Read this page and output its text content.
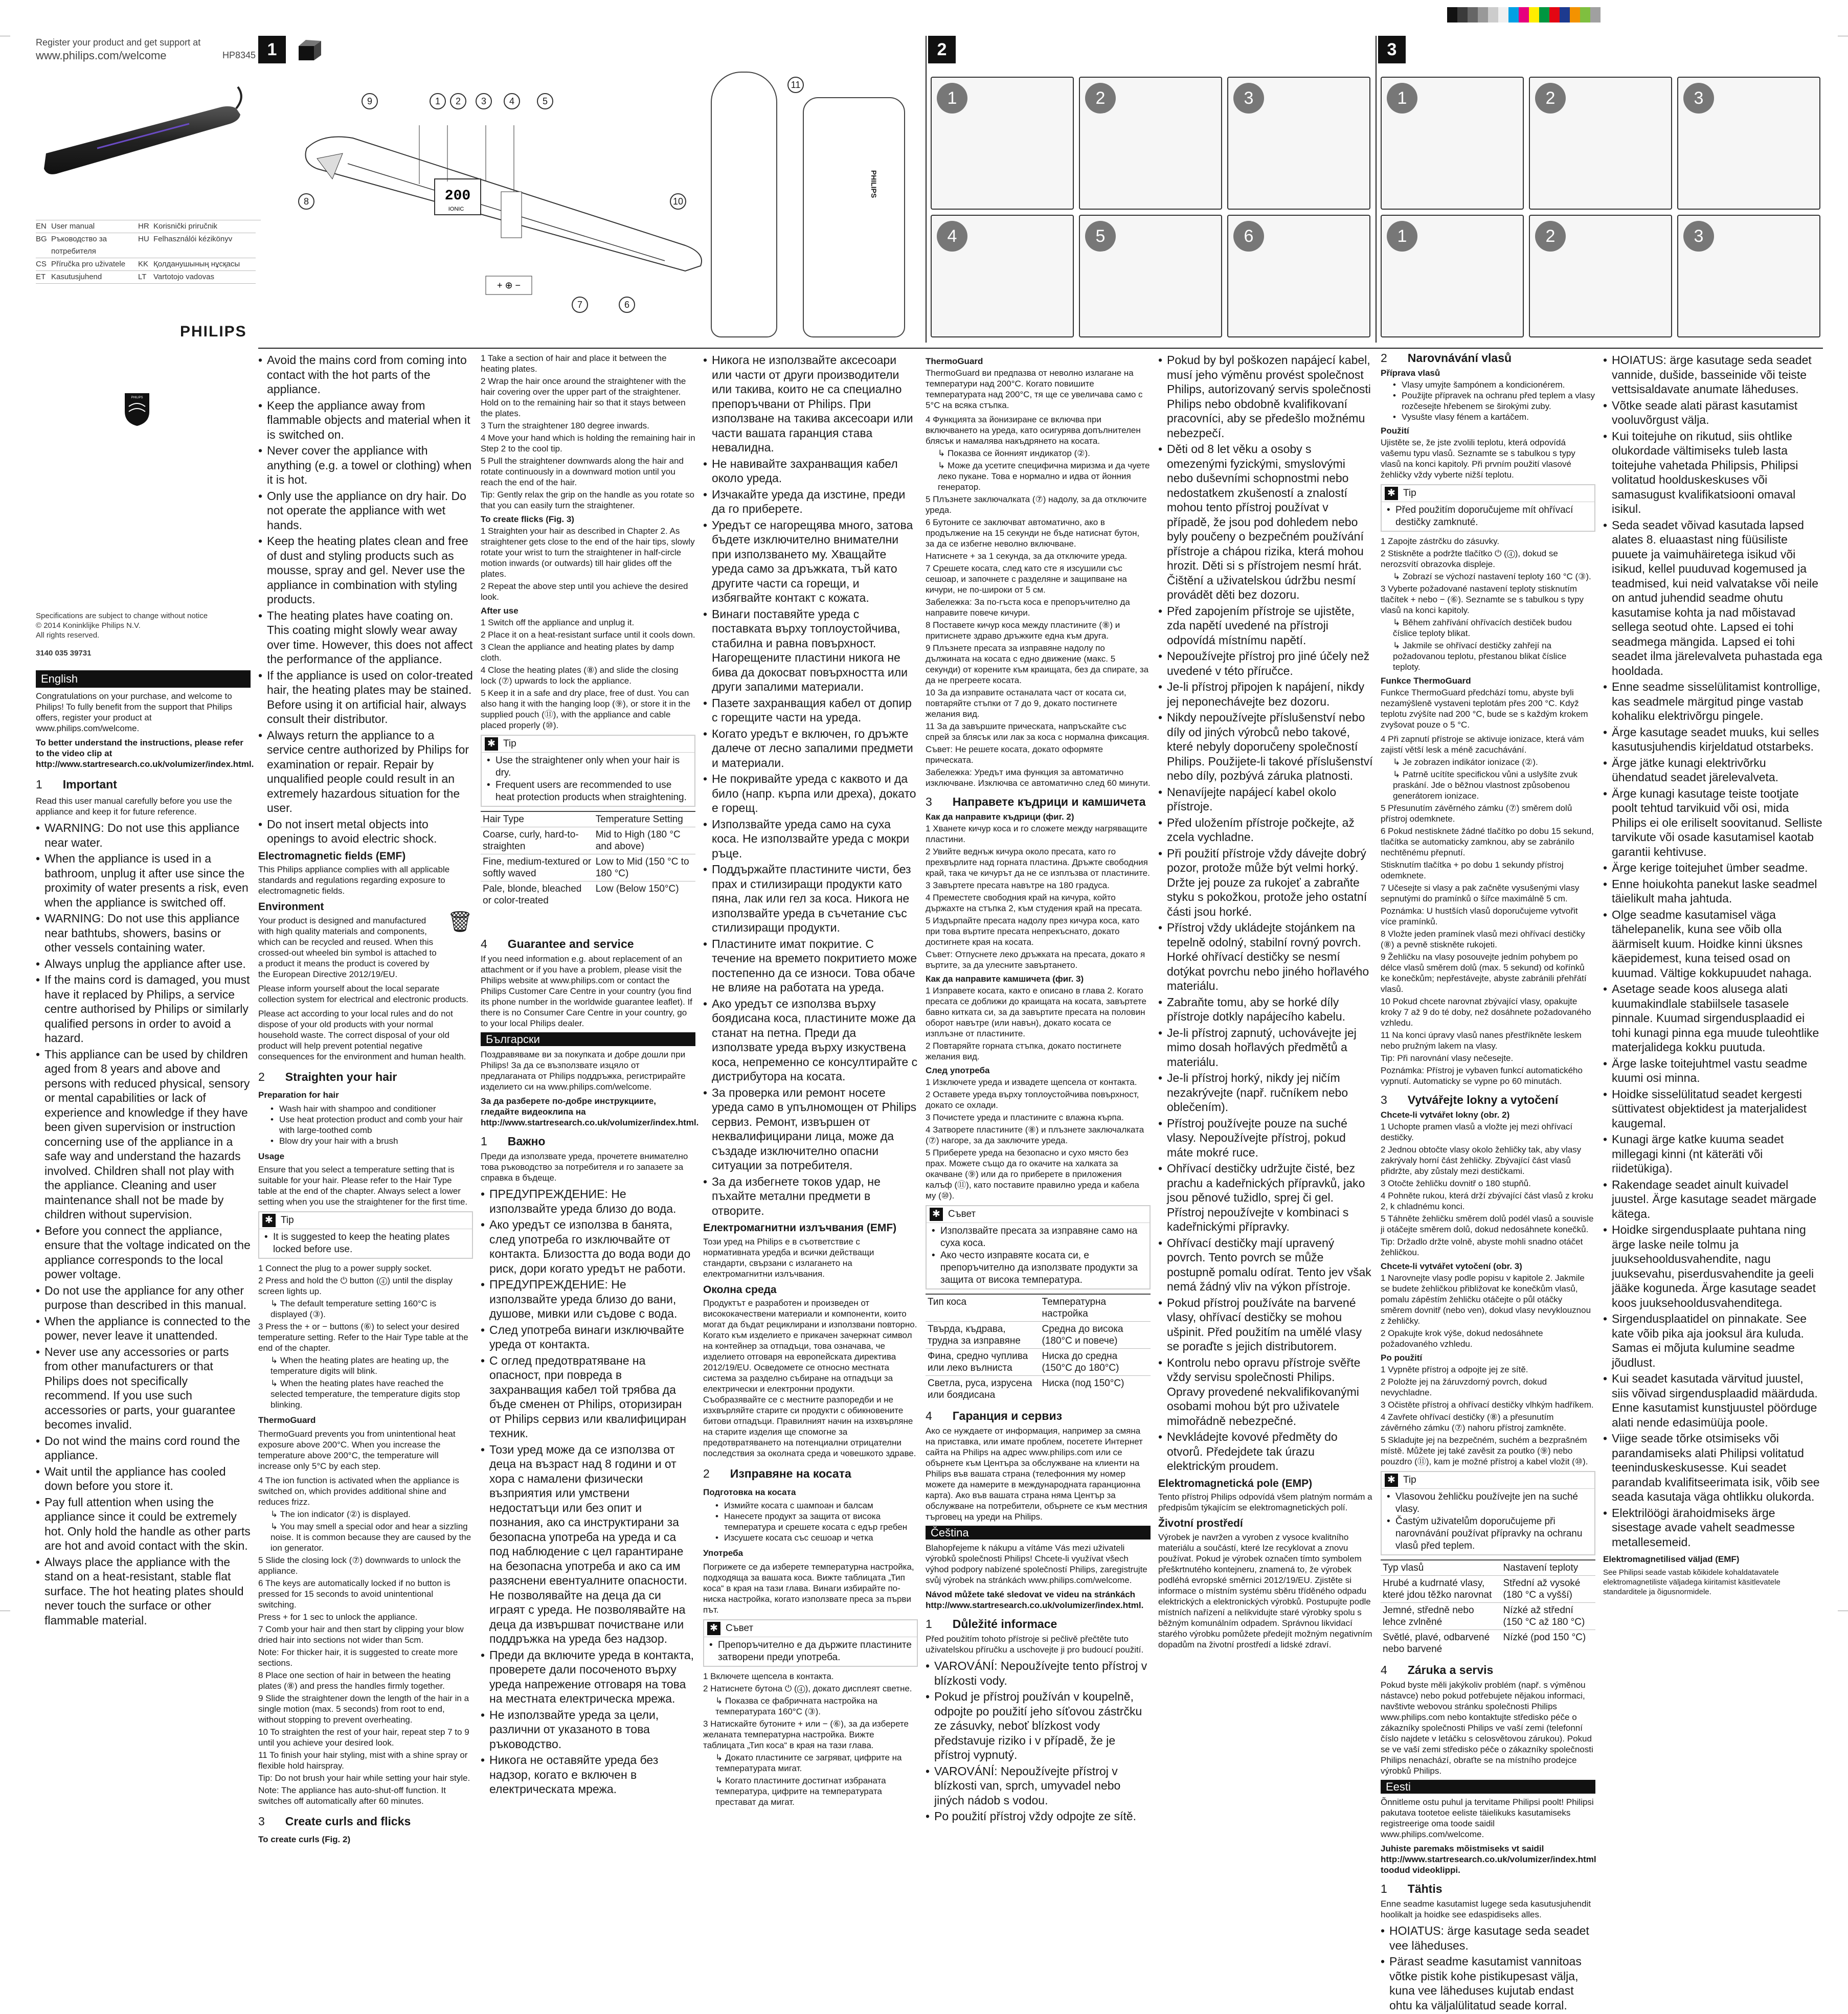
Register your product and get support at
www.philips.com/welcome	HP8345
EN User manual	HR Korisnički priručnik
BG Ръководство за потребителя
HU Felhasználói kézikönyv
CS Příručka pro uživatele	KK Қолданушының нұсқасы
ET Kasutusjuhend	LT Vartotojo vadovas
PHILIPS
PHILIPS
Specifications are subject to change without notice
© 2014 Koninklijke Philips N.V.
All rights reserved.
3140 035 39731
1
200
IONIC
+ ⊕ −
9	1	2	3	4	5
8
7	6
10
11
PHILIPS
2
1	2	3
4	5	6
3
1	2	3
1	2	3
English

Congratulations on your purchase, and welcome to Philips! To fully benefit from the support that Philips offers, register your product at www.philips.com/welcome.

To better understand the instructions, please refer to the video clip at http://www.startresearch.co.uk/volumizer/index.html.

1 Important

Read this user manual carefully before you use the appliance and keep it for future reference.

• WARNING: Do not use this appliance near water.
• When the appliance is used in a bathroom, unplug it after use since the proximity of water presents a risk, even when the appliance is switched off.
• WARNING: Do not use this appliance near bathtubs, showers, basins or other vessels containing water.
• Always unplug the appliance after use.
• If the mains cord is damaged, you must have it replaced by Philips, a service centre authorised by Philips or similarly qualified persons in order to avoid a hazard.
• This appliance can be used by children aged from 8 years and above and persons with reduced physical, sensory or mental capabilities or lack of experience and knowledge if they have been given supervision or instruction concerning use of the appliance in a safe way and understand the hazards involved. Children shall not play with the appliance. Cleaning and user maintenance shall not be made by children without supervision.
• Before you connect the appliance, ensure that the voltage indicated on the appliance corresponds to the local power voltage.
• Do not use the appliance for any other purpose than described in this manual.
• When the appliance is connected to the power, never leave it unattended.
• Never use any accessories or parts from other manufacturers or that Philips does not specifically recommend. If you use such accessories or parts, your guarantee becomes invalid.
• Do not wind the mains cord round the appliance.
• Wait until the appliance has cooled down before you store it.
• Pay full attention when using the appliance since it could be extremely hot. Only hold the handle as other parts are hot and avoid contact with the skin.
• Always place the appliance with the stand on a heat-resistant, stable flat surface. The hot heating plates should never touch the surface or other flammable material.
• Avoid the mains cord from coming into contact with the hot parts of the appliance.
• Keep the appliance away from flammable objects and material when it is switched on.
• Never cover the appliance with anything (e.g. a towel or clothing) when it is hot.
• Only use the appliance on dry hair. Do not operate the appliance with wet hands.
• Keep the heating plates clean and free of dust and styling products such as mousse, spray and gel. Never use the appliance in combination with styling products.
• The heating plates have coating on. This coating might slowly wear away over time. However, this does not affect the performance of the appliance.
• If the appliance is used on color-treated hair, the heating plates may be stained. Before using it on artificial hair, always consult their distributor.
• Always return the appliance to a service centre authorized by Philips for examination or repair. Repair by unqualified people could result in an extremely hazardous situation for the user.
• Do not insert metal objects into openings to avoid electric shock.
Electromagnetic fields (EMF)

This Philips appliance complies with all applicable standards and regulations regarding exposure to electromagnetic fields.

Environment

Your product is designed and manufactured with high quality materials and components, which can be recycled and reused. When this crossed-out wheeled bin symbol is attached to a product it means the product is covered by the European Directive 2012/19/EU.

🗑

Please inform yourself about the local separate collection system for electrical and electronic products.

Please act according to your local rules and do not dispose of your old products with your normal household waste. The correct disposal of your old product will help prevent potential negative consequences for the environment and human health.

2 Straighten your hair
Preparation for hair
• Wash hair with shampoo and conditioner
• Use heat protection product and comb your hair with large-toothed comb
• Blow dry your hair with a brush
Usage

Ensure that you select a temperature setting that is suitable for your hair. Please refer to the Hair Type table at the end of the chapter. Always select a lower setting when you use the straightener for the first time.

✱ Tip
• It is suggested to keep the heating plates locked before use.
1 Connect the plug to a power supply socket.
2 Press and hold the ⏻ button (④) until the display screen lights up.
↳ The default temperature setting 160°C is displayed (③).
3 Press the + or − buttons (⑥) to select your desired temperature setting. Refer to the Hair Type table at the end of the chapter.
↳ When the heating plates are heating up, the temperature digits will blink.
↳ When the heating plates have reached the selected temperature, the temperature digits stop blinking.
ThermoGuard

ThermoGuard prevents you from unintentional heat exposure above 200°C. When you increase the temperature above 200°C, the temperature will increase only 5°C by each step.

4 The ion function is activated when the appliance is switched on, which provides additional shine and reduces frizz.
↳ The ion indicator (②) is displayed.
↳ You may smell a special odor and hear a sizzling noise. It is common because they are caused by the ion generator.
5 Slide the closing lock (⑦) downwards to unlock the appliance.
6 The keys are automatically locked if no button is pressed for 15 seconds to avoid unintentional switching.
Press + for 1 sec to unlock the appliance.
7 Comb your hair and then start by clipping your blow dried hair into sections not wider than 5cm.
Note: For thicker hair, it is suggested to create more sections.
8 Place one section of hair in between the heating plates (⑧) and press the handles firmly together.
9 Slide the straightener down the length of the hair in a single motion (max. 5 seconds) from root to end, without stopping to prevent overheating.
10 To straighten the rest of your hair, repeat step 7 to 9 until you achieve your desired look.
11 To finish your hair styling, mist with a shine spray or flexible hold hairspray.
Tip: Do not brush your hair while setting your hair style.
Note: The appliance has auto-shut-off function. It switches off automatically after 60 minutes.
3 Create curls and flicks
To create curls (Fig. 2)
1 Take a section of hair and place it between the heating plates.
2 Wrap the hair once around the straightener with the hair covering over the upper part of the straightener. Hold on to the remaining hair so that it stays between the plates.
3 Turn the straightener 180 degree inwards.
4 Move your hand which is holding the remaining hair in Step 2 to the cool tip.
5 Pull the straightener downwards along the hair and rotate continuously in a downward motion until you reach the end of the hair.
Tip: Gently relax the grip on the handle as you rotate so that you can easily turn the straightener.
To create flicks (Fig. 3)
1 Straighten your hair as described in Chapter 2. As straightener gets close to the end of the hair tips, slowly rotate your wrist to turn the straightener in half-circle motion inwards (or outwards) till hair glides off the plates.
2 Repeat the above step until you achieve the desired look.
After use
1 Switch off the appliance and unplug it.
2 Place it on a heat-resistant surface until it cools down.
3 Clean the appliance and heating plates by damp cloth.
4 Close the heating plates (⑧) and slide the closing lock (⑦) upwards to lock the appliance.
5 Keep it in a safe and dry place, free of dust. You can also hang it with the hanging loop (⑨), or store it in the supplied pouch (⑪), with the appliance and cable placed properly (⑩).
✱ Tip
• Use the straightener only when your hair is dry.
• Frequent users are recommended to use heat protection products when straightening.
Hair Type	Temperature Setting
Coarse, curly, hard-to-straighten	Mid to High (180 °C and above)
Fine, medium-textured or softly waved	Low to Mid (150 °C to 180 °C)
Pale, blonde, bleached or color-treated	Low (Below 150°C)
4 Guarantee and service

If you need information e.g. about replacement of an attachment or if you have a problem, please visit the Philips website at www.philips.com or contact the Philips Customer Care Centre in your country (you find its phone number in the worldwide guarantee leaflet). If there is no Consumer Care Centre in your country, go to your local Philips dealer.

Български

Поздравяваме ви за покупката и добре дошли при Philips! За да се възползвате изцяло от предлаганата от Philips поддръжка, регистрирайте изделието си на www.philips.com/welcome.

За да разберете по-добре инструкциите, гледайте видеоклипа на http://www.startresearch.co.uk/volumizer/index.html.

1 Важно

Преди да използвате уреда, прочетете внимателно това ръководство за потребителя и го запазете за справка в бъдеще.

• ПРЕДУПРЕЖДЕНИЕ: Не използвайте уреда близо до вода.
• Ако уредът се използва в банята, след употреба го изключвайте от контакта. Близостта до вода води до риск, дори когато уредът не работи.
• ПРЕДУПРЕЖДЕНИЕ: Не използвайте уреда близо до вани, душове, мивки или съдове с вода.
• След употреба винаги изключвайте уреда от контакта.
• С оглед предотвратяване на опасност, при повреда в захранващия кабел той трябва да бъде сменен от Philips, оторизиран от Philips сервиз или квалифициран техник.
• Този уред може да се използва от деца на възраст над 8 години и от хора с намалени физически възприятия или умствени недостатъци или без опит и познания, ако са инструктирани за безопасна употреба на уреда и са под наблюдение с цел гарантиране на безопасна употреба и ако са им разяснени евентуалните опасности. Не позволявайте на деца да си играят с уреда. Не позволявайте на деца да извършват почистване или поддръжка на уреда без надзор.
• Преди да включите уреда в контакта, проверете дали посоченото върху уреда напрежение отговаря на това на местната електрическа мрежа.
• Не използвайте уреда за цели, различни от указаното в това ръководство.
• Никога не оставяйте уреда без надзор, когато е включен в електрическата мрежа.
• Никога не използвайте аксесоари или части от други производители или такива, които не са специално препоръчвани от Philips. При използване на такива аксесоари или части вашата гаранция става невалидна.
• Не навивайте захранващия кабел около уреда.
• Изчакайте уреда да изстине, преди да го приберете.
• Уредът се нагорещява много, затова бъдете изключително внимателни при използването му. Хващайте уреда само за дръжката, тъй като другите части са горещи, и избягвайте контакт с кожата.
• Винаги поставяйте уреда с поставката върху топлоустойчива, стабилна и равна повърхност. Нагорещените пластини никога не бива да докосват повърхността или други запалими материали.
• Пазете захранващия кабел от допир с горещите части на уреда.
• Когато уредът е включен, го дръжте далече от лесно запалими предмети и материали.
• Не покривайте уреда с каквото и да било (напр. кърпа или дреха), докато е горещ.
• Използвайте уреда само на суха коса. Не използвайте уреда с мокри ръце.
• Поддържайте пластините чисти, без прах и стилизиращи продукти като пяна, лак или гел за коса. Никога не използвайте уреда в съчетание със стилизиращи продукти.
• Пластините имат покритие. С течение на времето покритието може постепенно да се износи. Това обаче не влияе на работата на уреда.
• Ако уредът се използва върху боядисана коса, пластините може да станат на петна. Преди да използвате уреда върху изкуствена коса, непременно се консултирайте с дистрибутора на косата.
• За проверка или ремонт носете уреда само в упълномощен от Philips сервиз. Ремонт, извършен от неквалифицирани лица, може да създаде изключително опасни ситуации за потребителя.
• За да избегнете токов удар, не пъхайте метални предмети в отворите.
Електромагнитни излъчвания (EMF)

Този уред на Philips е в съответствие с нормативната уредба и всички действащи стандарти, свързани с излагането на електромагнитни излъчвания.

Околна среда

Продуктът е разработен и произведен от висококачествени материали и компоненти, които могат да бъдат рециклирани и използвани повторно. Когато към изделието е прикачен зачеркнат символ на контейнер за отпадъци, това означава, че изделието отговаря на европейската директива 2012/19/EU. Осведомете се относно местната система за разделно събиране на отпадъци за електрически и електронни продукти. Съобразявайте се с местните разпоредби и не изхвърляйте старите си продукти с обикновените битови отпадъци. Правилният начин на изхвърляне на старите изделия ще спомогне за предотвратяването на потенциални отрицателни последствия за околната среда и човешкото здраве.

2 Изправяне на косата
Подготовка на косата
• Измийте косата с шампоан и балсам
• Нанесете продукт за защита от висока температура и срешете косата с едър гребен
• Изсушете косата със сешоар и четка
Употреба

Погрижете се да изберете температурна настройка, подходяща за вашата коса. Вижте таблицата „Тип коса“ в края на тази глава. Винаги избирайте по-ниска настройка, когато използвате преса за първи път.

✱ Съвет
• Препоръчително е да държите пластините затворени преди употреба.
1 Включете щепсела в контакта.
2 Натиснете бутона ⏻ (④), докато дисплеят светне.
↳ Показва се фабричната настройка на температурата 160°C (③).
3 Натискайте бутоните + или − (⑥), за да изберете желаната температурна настройка. Вижте таблицата „Тип коса“ в края на тази глава.
↳ Докато пластините се загряват, цифрите на температурата мигат.
↳ Когато пластините достигнат избраната температура, цифрите на температурата престават да мигат.
ThermoGuard

ThermoGuard ви предпазва от неволно излагане на температури над 200°C. Когато повишите температурата над 200°C, тя ще се увеличава само с 5°C на всяка стъпка.

4 Функцията за йонизиране се включва при включването на уреда, като осигурява допълнителен блясък и намалява накъдрянето на косата.
↳ Показва се йонният индикатор (②).
↳ Може да усетите специфична миризма и да чуете леко пукане. Това е нормално и идва от йонния генератор.
5 Плъзнете заключалката (⑦) надолу, за да отключите уреда.
6 Бутоните се заключват автоматично, ако в продължение на 15 секунди не бъде натиснат бутон, за да се избегне неволно включване.
Натиснете + за 1 секунда, за да отключите уреда.
7 Срешете косата, след като сте я изсушили със сешоар, и започнете с разделяне и защипване на кичури, не по-широки от 5 см.
Забележка: За по-гъста коса е препоръчително да направите повече кичури.
8 Поставете кичур коса между пластините (⑧) и притиснете здраво дръжките една към друга.
9 Плъзнете пресата за изправяне надолу по дължината на косата с едно движение (макс. 5 секунди) от корените към краищата, без да спирате, за да не прегреете косата.
10 За да изправите останалата част от косата си, повтаряйте стъпки от 7 до 9, докато постигнете желания вид.
11 За да завършите прическата, напръскайте със спрей за блясък или лак за коса с нормална фиксация.
Съвет: Не решете косата, докато оформяте прическата.
Забележка: Уредът има функция за автоматично изключване. Изключва се автоматично след 60 минути.
3 Направете къдрици и камшичета
Как да направите къдрици (фиг. 2)
1 Хванете кичур коса и го сложете между нагряващите пластини.
2 Увийте веднъж кичура около пресата, като го прехвърлите над горната пластина. Дръжте свободния край, така че кичурът да не се изплъзва от пластините.
3 Завъртете пресата навътре на 180 градуса.
4 Преместете свободния край на кичура, който държахте на стъпка 2, към студения край на пресата.
5 Издърпайте пресата надолу през кичура коса, като при това въртите пресата непрекъснато, докато достигнете края на косата.
Съвет: Отпуснете леко дръжката на пресата, докато я въртите, за да улесните завъртането.
Как да направите камшичета (фиг. 3)
1 Изправете косата, както е описано в глава 2. Когато пресата се доближи до краищата на косата, завъртете бавно китката си, за да завъртите пресата на половин оборот навътре (или навън), докато косата се изплъзне от пластините.
2 Повтаряйте горната стъпка, докато постигнете желания вид.
След употреба
1 Изключете уреда и извадете щепсела от контакта.
2 Оставете уреда върху топлоустойчива повърхност, докато се охлади.
3 Почистете уреда и пластините с влажна кърпа.
4 Затворете пластините (⑧) и плъзнете заключалката (⑦) нагоре, за да заключите уреда.
5 Приберете уреда на безопасно и сухо място без прах. Можете също да го окачите на халката за окачване (⑨) или да го приберете в приложения калъф (⑪), като поставите правилно уреда и кабела му (⑩).
✱ Съвет
• Използвайте пресата за изправяне само на суха коса.
• Ако често изправяте косата си, е препоръчително да използвате продукти за защита от висока температура.
Тип коса	Температурна настройка
Твърда, къдрава, трудна за изправяне	Средна до висока (180°C и повече)
Фина, средно чуплива или леко вълниста	Ниска до средна (150°C до 180°C)
Светла, руса, изрусена или боядисана	Ниска (под 150°C)
4 Гаранция и сервиз

Ако се нуждаете от информация, например за смяна на приставка, или имате проблем, посетете Интернет сайта на Philips на адрес www.philips.com или се обърнете към Центъра за обслужване на клиенти на Philips във вашата страна (телефонния му номер можете да намерите в международната гаранционна карта). Ако във вашата страна няма Център за обслужване на потребители, обърнете се към местния търговец на уреди на Philips.

Čeština

Blahopřejeme k nákupu a vítáme Vás mezi uživateli výrobků společnosti Philips! Chcete-li využívat všech výhod podpory nabízené společností Philips, zaregistrujte svůj výrobek na stránkách www.philips.com/welcome.

Návod můžete také sledovat ve videu na stránkách http://www.startresearch.co.uk/volumizer/index.html.

1 Důležité informace

Před použitím tohoto přístroje si pečlivě přečtěte tuto uživatelskou příručku a uschovejte ji pro budoucí použití.

• VAROVÁNÍ: Nepoužívejte tento přístroj v blízkosti vody.
• Pokud je přístroj používán v koupelně, odpojte po použití jeho síťovou zástrčku ze zásuvky, neboť blízkost vody představuje riziko i v případě, že je přístroj vypnutý.
• VAROVÁNÍ: Nepoužívejte přístroj v blízkosti van, sprch, umyvadel nebo jiných nádob s vodou.
• Po použití přístroj vždy odpojte ze sítě.
• Pokud by byl poškozen napájecí kabel, musí jeho výměnu provést společnost Philips, autorizovaný servis společnosti Philips nebo obdobně kvalifikovaní pracovníci, aby se předešlo možnému nebezpečí.
• Děti od 8 let věku a osoby s omezenými fyzickými, smyslovými nebo duševními schopnostmi nebo nedostatkem zkušeností a znalostí mohou tento přístroj používat v případě, že jsou pod dohledem nebo byly poučeny o bezpečném používání přístroje a chápou rizika, která mohou hrozit. Děti si s přístrojem nesmí hrát. Čištění a uživatelskou údržbu nesmí provádět děti bez dozoru.
• Před zapojením přístroje se ujistěte, zda napětí uvedené na přístroji odpovídá místnímu napětí.
• Nepoužívejte přístroj pro jiné účely než uvedené v této příručce.
• Je-li přístroj připojen k napájení, nikdy jej neponechávejte bez dozoru.
• Nikdy nepoužívejte příslušenství nebo díly od jiných výrobců nebo takové, které nebyly doporučeny společností Philips. Použijete-li takové příslušenství nebo díly, pozbývá záruka platnosti.
• Nenavíjejte napájecí kabel okolo přístroje.
• Před uložením přístroje počkejte, až zcela vychladne.
• Při použití přístroje vždy dávejte dobrý pozor, protože může být velmi horký. Držte jej pouze za rukojeť a zabraňte styku s pokožkou, protože jeho ostatní části jsou horké.
• Přístroj vždy ukládejte stojánkem na tepelně odolný, stabilní rovný povrch. Horké ohřívací destičky se nesmí dotýkat povrchu nebo jiného hořlavého materiálu.
• Zabraňte tomu, aby se horké díly přístroje dotkly napájecího kabelu.
• Je-li přístroj zapnutý, uchovávejte jej mimo dosah hořlavých předmětů a materiálu.
• Je-li přístroj horký, nikdy jej ničím nezakrývejte (např. ručníkem nebo oblečením).
• Přístroj používejte pouze na suché vlasy. Nepoužívejte přístroj, pokud máte mokré ruce.
• Ohřívací destičky udržujte čisté, bez prachu a kadeřnických přípravků, jako jsou pěnové tužidlo, sprej či gel. Přístroj nepoužívejte v kombinaci s kadeřnickými přípravky.
• Ohřívací destičky mají upravený povrch. Tento povrch se může postupně pomalu odírat. Tento jev však nemá žádný vliv na výkon přístroje.
• Pokud přístroj používáte na barvené vlasy, ohřívací destičky se mohou ušpinit. Před použitím na umělé vlasy se poraďte s jejich distributorem.
• Kontrolu nebo opravu přístroje svěřte vždy servisu společnosti Philips. Opravy provedené nekvalifikovanými osobami mohou být pro uživatele mimořádně nebezpečné.
• Nevkládejte kovové předměty do otvorů. Předejdete tak úrazu elektrickým proudem.
Elektromagnetická pole (EMP)

Tento přístroj Philips odpovídá všem platným normám a předpisům týkajícím se elektromagnetických polí.

Životní prostředí

Výrobek je navržen a vyroben z vysoce kvalitního materiálu a součástí, které lze recyklovat a znovu používat. Pokud je výrobek označen tímto symbolem přeškrtnutého kontejneru, znamená to, že výrobek podléhá evropské směrnici 2012/19/EU. Zjistěte si informace o místním systému sběru tříděného odpadu elektrických a elektronických výrobků. Postupujte podle místních nařízení a nelikvidujte staré výrobky spolu s běžným komunálním odpadem. Správnou likvidací starého výrobku pomůžete předejít možným negativním dopadům na životní prostředí a lidské zdraví.

2 Narovnávání vlasů
Příprava vlasů
• Vlasy umyjte šampónem a kondicionérem.
• Použijte přípravek na ochranu před teplem a vlasy rozčesejte hřebenem se širokými zuby.
• Vysušte vlasy fénem a kartáčem.
Použití

Ujistěte se, že jste zvolili teplotu, která odpovídá vašemu typu vlasů. Seznamte se s tabulkou s typy vlasů na konci kapitoly. Při prvním použití vlasové žehličky vždy vyberte nižší teplotu.

✱ Tip
• Před použitím doporučujeme mít ohřívací destičky zamknuté.
1 Zapojte zástrčku do zásuvky.
2 Stiskněte a podržte tlačítko ⏻ (④), dokud se nerozsvítí obrazovka displeje.
↳ Zobrazí se výchozí nastavení teploty 160 °C (③).
3 Vyberte požadované nastavení teploty stisknutím tlačítek + nebo − (⑥). Seznamte se s tabulkou s typy vlasů na konci kapitoly.
↳ Během zahřívání ohřívacích destiček budou číslice teploty blikat.
↳ Jakmile se ohřívací destičky zahřejí na požadovanou teplotu, přestanou blikat číslice teploty.
Funkce ThermoGuard

Funkce ThermoGuard předchází tomu, abyste byli nezamýšleně vystaveni teplotám přes 200 °C. Když teplotu zvýšíte nad 200 °C, bude se s každým krokem zvyšovat pouze o 5 °C.

4 Při zapnutí přístroje se aktivuje ionizace, která vám zajistí větší lesk a méně zacuchávání.
↳ Je zobrazen indikátor ionizace (②).
↳ Patrně ucítíte specifickou vůni a uslyšíte zvuk praskání. Jde o běžnou vlastnost způsobenou generátorem ionizace.
5 Přesunutím závěrného zámku (⑦) směrem dolů přístroj odemknete.
6 Pokud nestisknete žádné tlačítko po dobu 15 sekund, tlačítka se automaticky zamknou, aby se zabránilo nechtěnému přepnutí.
Stisknutím tlačítka + po dobu 1 sekundy přístroj odemknete.
7 Učesejte si vlasy a pak začněte vysušenými vlasy sepnutými do pramínků o šířce maximálně 5 cm.
Poznámka: U hustších vlasů doporučujeme vytvořit více pramínků.
8 Vložte jeden pramínek vlasů mezi ohřívací destičky (⑧) a pevně stiskněte rukojeti.
9 Žehličku na vlasy posouvejte jedním pohybem po délce vlasů směrem dolů (max. 5 sekund) od kořínků ke konečkům; nepřestávejte, abyste zabránili přehřátí vlasů.
10 Pokud chcete narovnat zbývající vlasy, opakujte kroky 7 až 9 do té doby, než dosáhnete požadovaného vzhledu.
11 Na konci úpravy vlasů nanes přestříkněte leskem nebo pružným lakem na vlasy.
Tip: Při narovnání vlasy nečesejte.
Poznámka: Přístroj je vybaven funkcí automatického vypnutí. Automaticky se vypne po 60 minutách.
3 Vytvářejte lokny a vytočení
Chcete-li vytvářet lokny (obr. 2)
1 Uchopte pramen vlasů a vložte jej mezi ohřívací destičky.
2 Jednou obtočte vlasy okolo žehličky tak, aby vlasy zakrývaly horní část žehličky. Zbývající část vlasů přidržte, aby zůstaly mezi destičkami.
3 Otočte žehličku dovnitř o 180 stupňů.
4 Pohněte rukou, která drží zbývající část vlasů z kroku 2, k chladnému konci.
5 Táhněte žehličku směrem dolů podél vlasů a souvisle ji otáčejte směrem dolů, dokud nedosáhnete konečků.
Tip: Držadlo držte volně, abyste mohli snadno otáčet žehličkou.
Chcete-li vytvářet vytočení (obr. 3)
1 Narovnejte vlasy podle popisu v kapitole 2. Jakmile se budete žehličkou přibližovat ke konečkům vlasů, pomalu zápěstím žehličku otáčejte o půl otáčky směrem dovnitř (nebo ven), dokud vlasy nevyklouznou z žehličky.
2 Opakujte krok výše, dokud nedosáhnete požadovaného vzhledu.
Po použití
1 Vypněte přístroj a odpojte jej ze sítě.
2 Položte jej na žáruvzdorný povrch, dokud nevychladne.
3 Očistěte přístroj a ohřívací destičky vlhkým hadříkem.
4 Zavřete ohřívací destičky (⑧) a přesunutím závěrného zámku (⑦) nahoru přístroj zamkněte.
5 Skladujte jej na bezpečném, suchém a bezprašném místě. Můžete jej také zavěsit za poutko (⑨) nebo pouzdro (⑪), kam je možné přístroj a kabel vložit (⑩).
✱ Tip
• Vlasovou žehličku používejte jen na suché vlasy.
• Častým uživatelům doporučujeme při narovnávání používat přípravky na ochranu vlasů před teplem.
Typ vlasů	Nastavení teploty
Hrubé a kudrnaté vlasy, které jdou těžko narovnat	Střední až vysoké (180 °C a vyšší)
Jemné, středně nebo lehce zvlněné	Nízké až střední (150 °C až 180 °C)
Světlé, plavé, odbarvené nebo barvené	Nízké (pod 150 °C)
4 Záruka a servis

Pokud byste měli jakýkoliv problém (např. s výměnou nástavce) nebo pokud potřebujete nějakou informaci, navštivte webovou stránku společnosti Philips www.philips.com nebo kontaktujte středisko péče o zákazníky společnosti Philips ve vaší zemi (telefonní číslo najdete v letáčku s celosvětovou zárukou). Pokud se ve vaší zemi středisko péče o zákazníky společnosti Philips nenachází, obraťte se na místního prodejce výrobků Philips.

Eesti

Õnnitleme ostu puhul ja tervitame Philipsi poolt! Philipsi pakutava tootetoe eeliste täielikuks kasutamiseks registreerige oma toode saidil www.philips.com/welcome.

Juhiste paremaks mõistmiseks vt saidil http://www.startresearch.co.uk/volumizer/index.html toodud videoklippi.

1 Tähtis

Enne seadme kasutamist lugege seda kasutusjuhendit hoolikalt ja hoidke see edaspidiseks alles.

• HOIATUS: ärge kasutage seda seadet vee läheduses.
• Pärast seadme kasutamist vannitoas võtke pistik kohe pistikupesast välja, kuna vee läheduses kujutab endast ohtu ka väljalülitatud seade korral.
• HOIATUS: ärge kasutage seda seadet vannide, dušide, basseinide või teiste vettsisaldavate anumate läheduses.
• Võtke seade alati pärast kasutamist vooluvõrgust välja.
• Kui toitejuhe on rikutud, siis ohtlike olukordade vältimiseks tuleb lasta toitejuhe vahetada Philipsis, Philipsi volitatud hoolduskeskuses või samasugust kvalifikatsiooni omaval isikul.
• Seda seadet võivad kasutada lapsed alates 8. eluaastast ning füüsiliste puuete ja vaimuhäiretega isikud või isikud, kellel puuduvad kogemused ja teadmised, kui neid valvatakse või neile on antud juhendid seadme ohutu kasutamise kohta ja nad mõistavad sellega seotud ohte. Lapsed ei tohi seadmega mängida. Lapsed ei tohi seadet ilma järelevalveta puhastada ega hooldada.
• Enne seadme sisselülitamist kontrollige, kas seadmele märgitud pinge vastab kohaliku elektrivõrgu pingele.
• Ärge kasutage seadet muuks, kui selles kasutusjuhendis kirjeldatud otstarbeks.
• Ärge jätke kunagi elektrivõrku ühendatud seadet järelevalveta.
• Ärge kunagi kasutage teiste tootjate poolt tehtud tarvikuid või osi, mida Philips ei ole eriliselt soovitanud. Selliste tarvikute või osade kasutamisel kaotab garantii kehtivuse.
• Ärge kerige toitejuhet ümber seadme.
• Enne hoiukohta panekut laske seadmel täielikult maha jahtuda.
• Olge seadme kasutamisel väga tähelepanelik, kuna see võib olla äärmiselt kuum. Hoidke kinni üksnes käepidemest, kuna teised osad on kuumad. Vältige kokkupuudet nahaga.
• Asetage seade koos alusega alati kuumakindlale stabiilsele tasasele pinnale. Kuumad sirgendusplaadid ei tohi kunagi pinna ega muude tuleohtlike materjalidega kokku puutuda.
• Ärge laske toitejuhtmel vastu seadme kuumi osi minna.
• Hoidke sisselülitatud seadet kergesti süttivatest objektidest ja materjalidest kaugemal.
• Kunagi ärge katke kuuma seadet millegagi kinni (nt käteräti või riidetükiga).
• Rakendage seadet ainult kuivadel juustel. Ärge kasutage seadet märgade kätega.
• Hoidke sirgendusplaate puhtana ning ärge laske neile tolmu ja juuksehooldusvahendite, nagu juuksevahu, piserdusvahendite ja geeli jääke koguneda. Ärge kasutage seadet koos juuksehooldusvahenditega.
• Sirgendusplaatidel on pinnakate. See kate võib pika aja jooksul ära kuluda. Samas ei mõjuta kulumine seadme jõudlust.
• Kui seadet kasutada värvitud juustel, siis võivad sirgendusplaadid määrduda. Enne kasutamist kunstjuustel pöörduge alati nende edasimüüja poole.
• Viige seade tõrke otsimiseks või parandamiseks alati Philipsi volitatud teeninduskeskusesse. Kui seadet parandab kvalifitseerimata isik, võib see seada kasutaja väga ohtlikku olukorda.
• Elektrilöögi ärahoidmiseks ärge sisestage avade vahelt seadmesse metallesemeid.
Elektromagnetilised väljad (EMF)

See Philipsi seade vastab kõikidele kohaldatavatele elektromagnetiliste väljadega kiiritamist käsitlevatele standarditele ja õigusnormidele.
